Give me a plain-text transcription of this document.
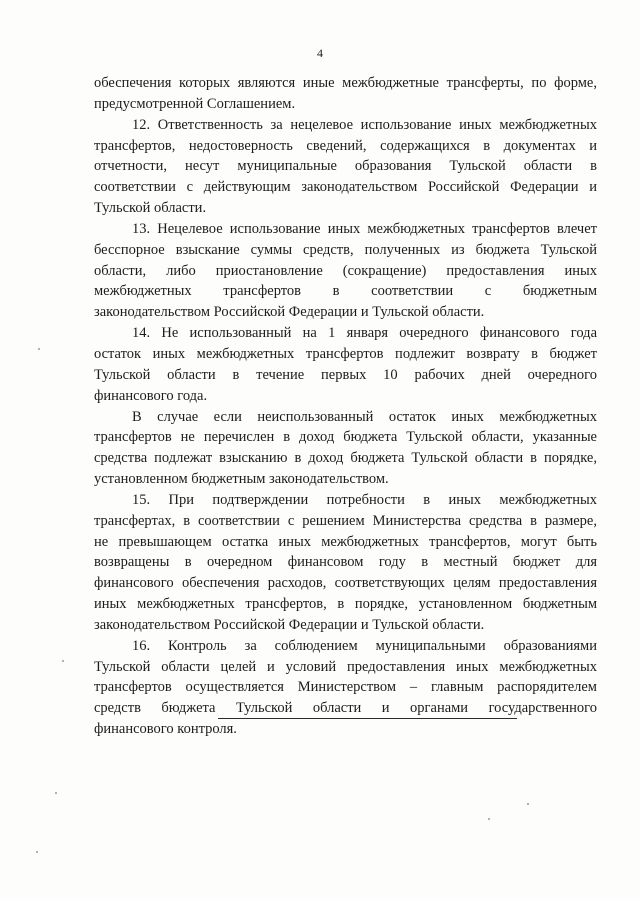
4

обеспечения которых являются иные межбюджетные трансферты, по форме,
предусмотренной Соглашением.

12. Ответственность за нецелевое использование иных межбюджетных
трансфертов, недостоверность сведений, содержащихся в документах и
отчетности, несут муниципальные образования Тульской области в
соответствии с действующим законодательством Российской Федерации и
Тульской области.

13. Нецелевое использование иных межбюджетных трансфертов влечет
бесспорное взыскание суммы средств, полученных из бюджета Тульской
области, либо приостановление (сокращение) предоставления иных
межбюджетных трансфертов в соответствии с бюджетным
законодательством Российской Федерации и Тульской области.

14. Не использованный на 1 января очередного финансового года
остаток иных межбюджетных трансфертов подлежит возврату в бюджет
Тульской области в течение первых 10 рабочих дней очередного
финансового года.

В случае если неиспользованный остаток иных межбюджетных
трансфертов не перечислен в доход бюджета Тульской области, указанные
средства подлежат взысканию в доход бюджета Тульской области в порядке,
установленном бюджетным законодательством.

15. При подтверждении потребности в иных межбюджетных
трансфертах, в соответствии с решением Министерства средства в размере,
не превышающем остатка иных межбюджетных трансфертов, могут быть
возвращены в очередном финансовом году в местный бюджет для
финансового обеспечения расходов, соответствующих целям предоставления
иных межбюджетных трансфертов, в порядке, установленном бюджетным
законодательством Российской Федерации и Тульской области.

16. Контроль за соблюдением муниципальными образованиями
Тульской области целей и условий предоставления иных межбюджетных
трансфертов осуществляется Министерством – главным распорядителем
средств бюджета Тульской области и органами государственного
финансового контроля.
